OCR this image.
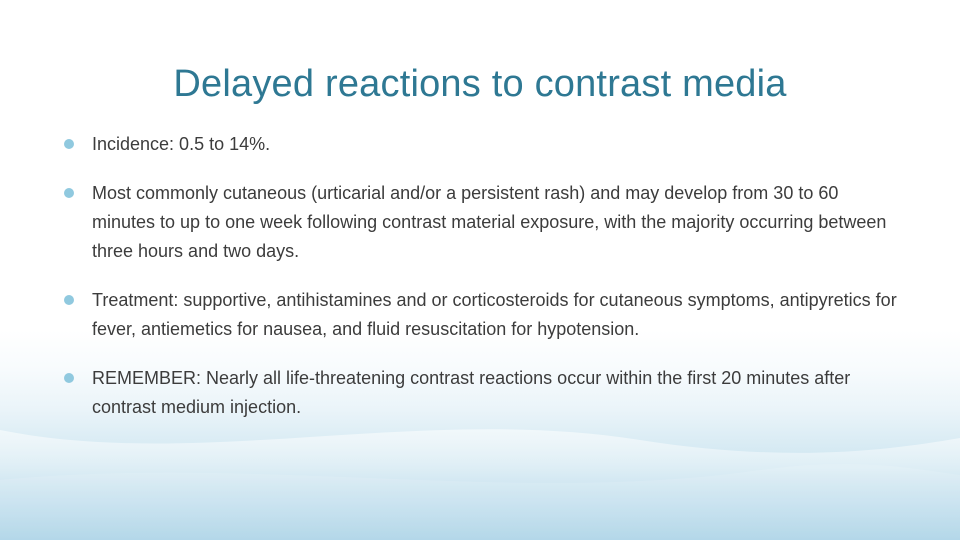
Delayed reactions to contrast media
Incidence: 0.5 to 14%.
Most commonly cutaneous (urticarial and/or a persistent rash) and may develop from 30 to 60 minutes to up to one week following contrast material exposure, with the majority occurring between three hours and two days.
Treatment: supportive, antihistamines and or corticosteroids for cutaneous symptoms, antipyretics for fever, antiemetics for nausea, and fluid resuscitation for hypotension.
REMEMBER: Nearly all life-threatening contrast reactions occur within the first 20 minutes after contrast medium injection.
